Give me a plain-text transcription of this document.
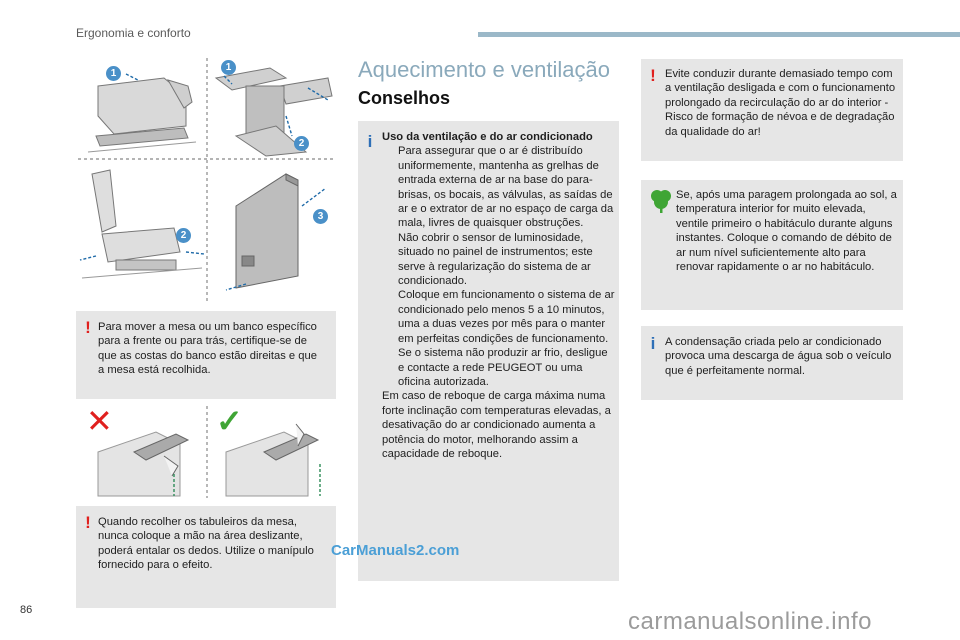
Ergonomia e conforto
1
1
2
2
3
! Para mover a mesa ou um banco específico para a frente ou para trás, certifique-se de que as costas do banco estão direitas e que a mesa está recolhida.
✕	✓
! Quando recolher os tabuleiros da mesa, nunca coloque a mão na área deslizante, poderá entalar os dedos. Utilize o manípulo fornecido para o efeito.
Aquecimento e ventilação
Conselhos
i Uso da ventilação e do ar condicionado
Para assegurar que o ar é distribuído uniformemente, mantenha as grelhas de entrada externa de ar na base do para-brisas, os bocais, as válvulas, as saídas de ar e o extrator de ar no espaço de carga da mala, livres de quaisquer obstruções.
Não cobrir o sensor de luminosidade, situado no painel de instrumentos; este serve à regularização do sistema de ar condicionado.
Coloque em funcionamento o sistema de ar condicionado pelo menos 5 a 10 minutos, uma a duas vezes por mês para o manter em perfeitas condições de funcionamento.
Se o sistema não produzir ar frio, desligue e contacte a rede PEUGEOT ou uma oficina autorizada.
Em caso de reboque de carga máxima numa forte inclinação com temperaturas elevadas, a desativação do ar condicionado aumenta a potência do motor, melhorando assim a capacidade de reboque.
! Evite conduzir durante demasiado tempo com a ventilação desligada e com o funcionamento prolongado da recirculação do ar do interior - Risco de formação de névoa e de degradação da qualidade do ar!
Se, após uma paragem prolongada ao sol, a temperatura interior for muito elevada, ventile primeiro o habitáculo durante alguns instantes. Coloque o comando de débito de ar num nível suficientemente alto para renovar rapidamente o ar no habitáculo.
i A condensação criada pelo ar condicionado provoca uma descarga de água sob o veículo que é perfeitamente normal.
CarManuals2.com
carmanualsonline.info
86
